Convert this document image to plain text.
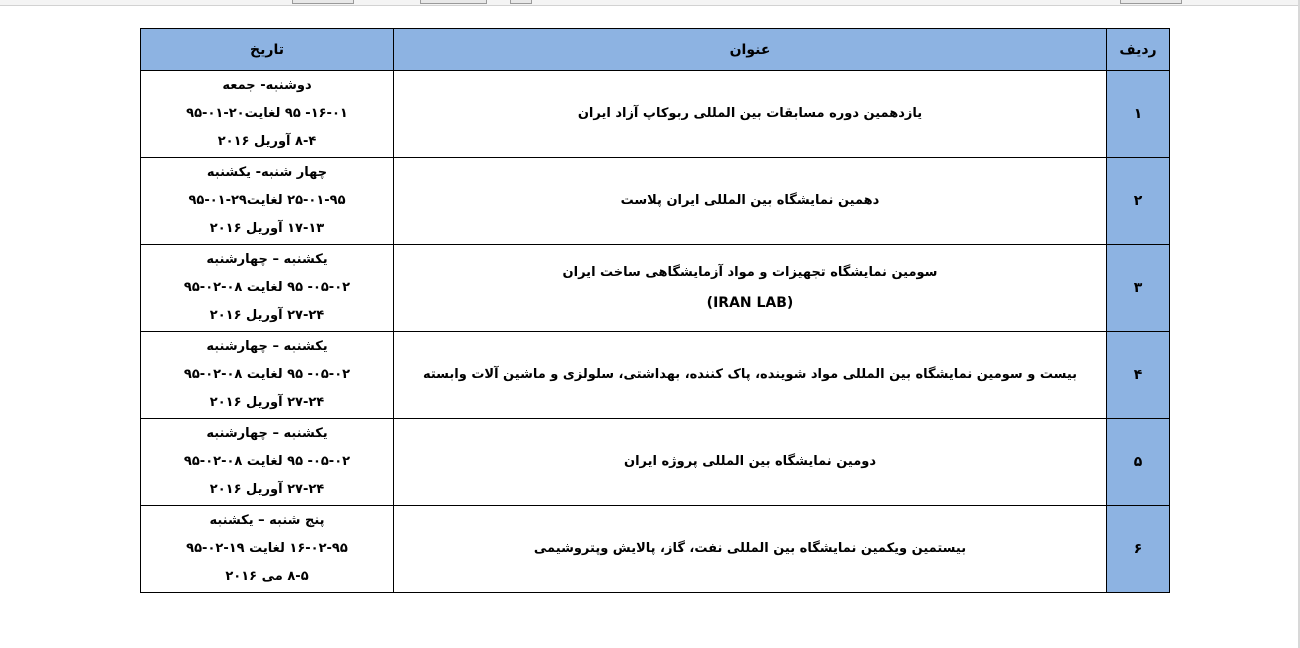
ردیف	عنوان	تاریخ
۱	یازدهمین دوره مسابقات بین المللی ربوکاپ آزاد ایران	دوشنبه- جمعه
۱۶-۰۱- ۹۵ لغایت۲۰-۰۱-۹۵
۸-۴ آوریل ۲۰۱۶

۲	دهمین نمایشگاه بین المللی ایران پلاست	چهار شنبه- یکشنبه
۲۵-۰۱-۹۵ لغایت۲۹-۰۱-۹۵
۱۷-۱۳ آوریل ۲۰۱۶

۳	سومین نمایشگاه تجهیزات و مواد آزمایشگاهی ساخت ایران
(IRAN LAB)	یکشنبه – چهارشنبه
۰۵-۰۲- ۹۵ لغایت ۰۸-۰۲-۹۵
۲۷-۲۴ آوریل ۲۰۱۶

۴	بیست و سومین نمایشگاه بین المللی مواد شوینده، پاک کننده، بهداشتی، سلولزی و ماشین آلات وابسته	یکشنبه – چهارشنبه
۰۵-۰۲- ۹۵ لغایت ۰۸-۰۲-۹۵
۲۷-۲۴ آوریل ۲۰۱۶

۵	دومین نمایشگاه بین المللی پروژه ایران	یکشنبه – چهارشنبه
۰۵-۰۲- ۹۵ لغایت ۰۸-۰۲-۹۵
۲۷-۲۴ آوریل ۲۰۱۶

۶	بیستمین ویکمین نمایشگاه بین المللی نفت، گاز، پالایش وپتروشیمی	پنج شنبه – یکشنبه
۱۶-۰۲-۹۵ لغایت ۱۹-۰۲-۹۵
۸-۵ می ۲۰۱۶
